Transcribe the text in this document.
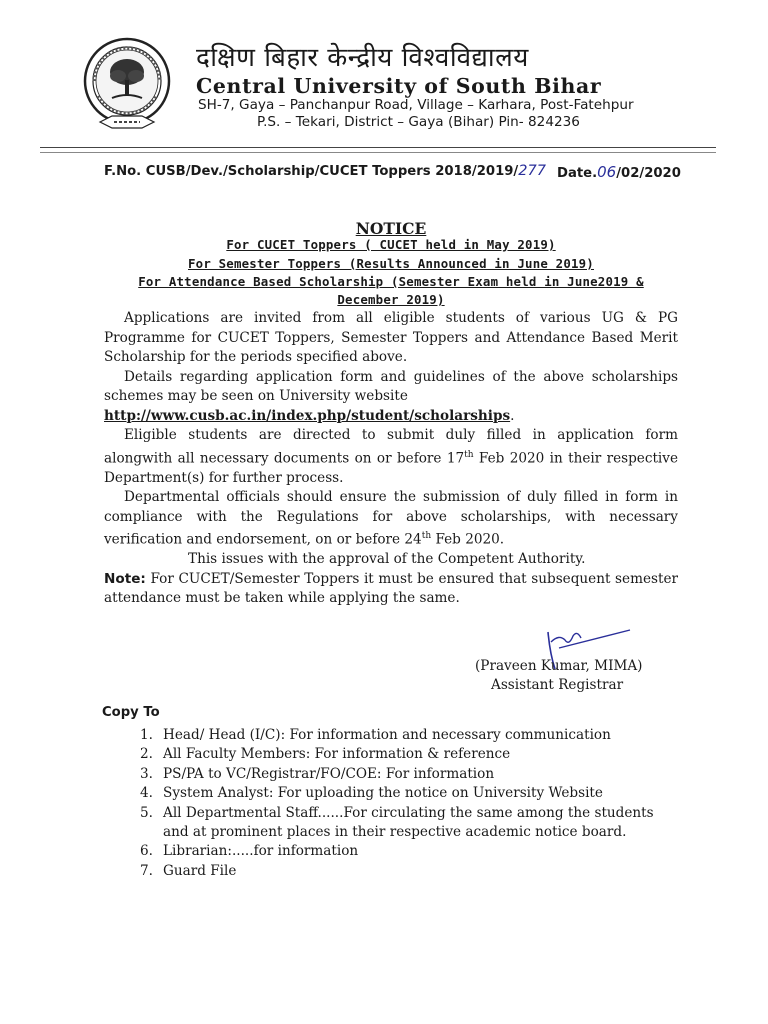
दक्षिण बिहार केन्द्रीय विश्वविद्यालय
Central University of South Bihar
SH-7, Gaya – Panchanpur Road, Village – Karhara, Post-Fatehpur
P.S. – Tekari, District – Gaya (Bihar) Pin- 824236
F.No. CUSB/Dev./Scholarship/CUCET Toppers 2018/2019/277 Date.06/02/2020
NOTICE
For CUCET Toppers ( CUCET held in May 2019)
For Semester Toppers (Results Announced in June 2019)
For Attendance Based Scholarship (Semester Exam held in June2019 &
December 2019)

Applications are invited from all eligible students of various UG & PG Programme for CUCET Toppers, Semester Toppers and Attendance Based Merit Scholarship for the periods specified above.

Details regarding application form and guidelines of the above scholarships schemes may be seen on University website
http://www.cusb.ac.in/index.php/student/scholarships.

Eligible students are directed to submit duly filled in application form alongwith all necessary documents on or before 17th Feb 2020 in their respective Department(s) for further process.

Departmental officials should ensure the submission of duly filled in form in compliance with the Regulations for above scholarships, with necessary verification and endorsement, on or before 24th Feb 2020.

This issues with the approval of the Competent Authority.

Note: For CUCET/Semester Toppers it must be ensured that subsequent semester attendance must be taken while applying the same.

(Praveen Kumar, MIMA)
Assistant Registrar
Copy To
1. Head/ Head (I/C): For information and necessary communication
2. All Faculty Members: For information & reference
3. PS/PA to VC/Registrar/FO/COE: For information
4. System Analyst: For uploading the notice on University Website
5. All Departmental Staff......For circulating the same among the students and at prominent places in their respective academic notice board.
6. Librarian:.....for information
7. Guard File
